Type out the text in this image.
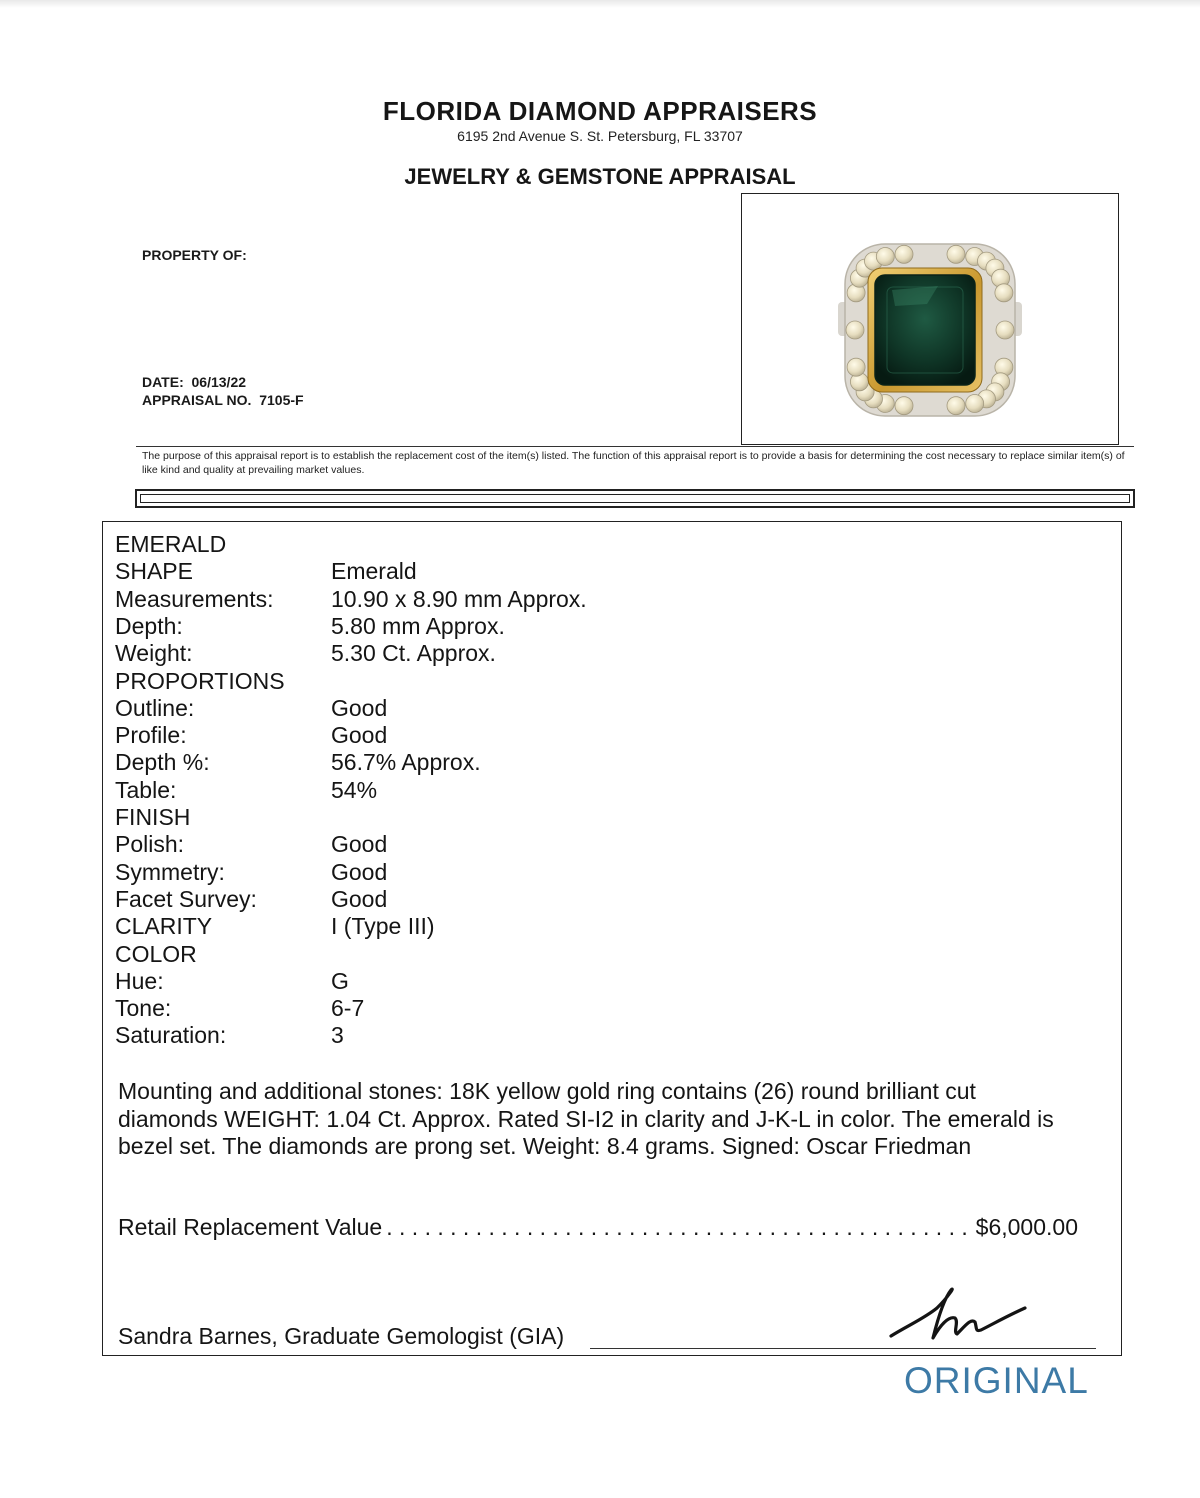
FLORIDA DIAMOND APPRAISERS
6195 2nd Avenue S. St. Petersburg, FL 33707
JEWELRY & GEMSTONE APPRAISAL
PROPERTY OF:
DATE: 06/13/22
APPRAISAL NO. 7105-F
The purpose of this appraisal report is to establish the replacement cost of the item(s) listed. The function of this appraisal report is to provide a basis for determining the cost necessary to replace similar item(s) of like kind and quality at prevailing market values.
EMERALD
SHAPE	Emerald
Measurements: 10.90 x 8.90 mm Approx.
Depth:	5.80 mm Approx.
Weight:	5.30 Ct. Approx.
PROPORTIONS
Outline:	Good
Profile:	Good
Depth %:	56.7% Approx.
Table:	54%
FINISH
Polish:	Good
Symmetry:	Good
Facet Survey:	Good
CLARITY	I (Type III)
COLOR
Hue:	G
Tone:	6-7
Saturation:	3
Mounting and additional stones: 18K yellow gold ring contains (26) round brilliant cut
diamonds WEIGHT: 1.04 Ct. Approx. Rated SI-I2 in clarity and J-K-L in color. The emerald is
bezel set. The diamonds are prong set. Weight: 8.4 grams. Signed: Oscar Friedman
Retail Replacement Value
. . .	$6,000.00
Sandra Barnes, Graduate Gemologist (GIA)
ORIGINAL
